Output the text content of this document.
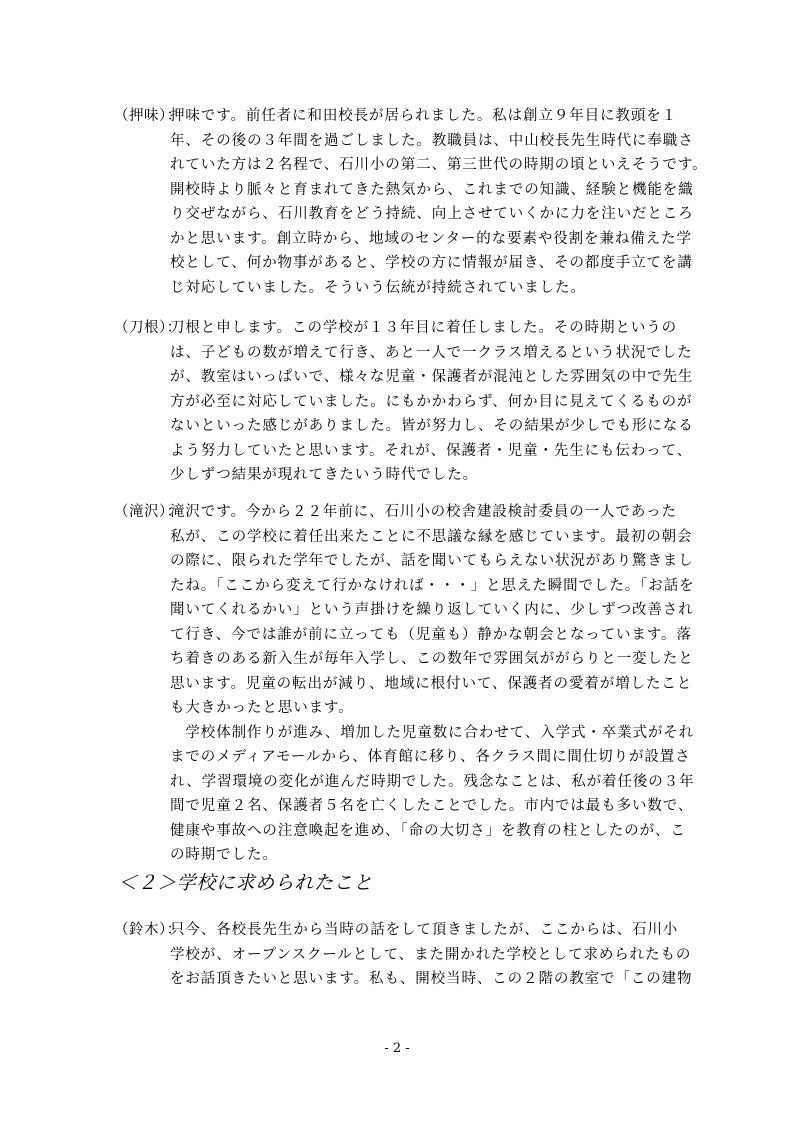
（押味）：
押味です。前任者に和田校長が居られました。私は創立９年目に教頭を１
年、その後の３年間を過ごしました。教職員は、中山校長先生時代に奉職さ
れていた方は２名程で、石川小の第二、第三世代の時期の頃といえそうです。
開校時より脈々と育まれてきた熱気から、これまでの知識、経験と機能を織
り交ぜながら、石川教育をどう持続、向上させていくかに力を注いだところ
かと思います。創立時から、地域のセンター的な要素や役割を兼ね備えた学
校として、何か物事があると、学校の方に情報が届き、その都度手立てを講
じ対応していました。そういう伝統が持続されていました。
（刀根）：
刀根と申します。この学校が１３年目に着任しました。その時期というの
は、子どもの数が増えて行き、あと一人で一クラス増えるという状況でした
が、教室はいっぱいで、様々な児童・保護者が混沌とした雰囲気の中で先生
方が必至に対応していました。にもかかわらず、何か目に見えてくるものが
ないといった感じがありました。皆が努力し、その結果が少しでも形になる
よう努力していたと思います。それが、保護者・児童・先生にも伝わって、
少しずつ結果が現れてきたいう時代でした。
（滝沢）：
滝沢です。今から２２年前に、石川小の校舎建設検討委員の一人であった
私が、この学校に着任出来たことに不思議な縁を感じています。最初の朝会
の際に、限られた学年でしたが、話を聞いてもらえない状況があり驚きまし
たね。「ここから変えて行かなければ・・・」と思えた瞬間でした。「お話を
聞いてくれるかい」という声掛けを繰り返していく内に、少しずつ改善され
て行き、今では誰が前に立っても（児童も）静かな朝会となっています。落
ち着きのある新入生が毎年入学し、この数年で雰囲気ががらりと一変したと
思います。児童の転出が減り、地域に根付いて、保護者の愛着が増したこと
も大きかったと思います。
　学校体制作りが進み、増加した児童数に合わせて、入学式・卒業式がそれ
までのメディアモールから、体育館に移り、各クラス間に間仕切りが設置さ
れ、学習環境の変化が進んだ時期でした。残念なことは、私が着任後の３年
間で児童２名、保護者５名を亡くしたことでした。市内では最も多い数で、
健康や事故への注意喚起を進め、「命の大切さ」を教育の柱としたのが、こ
の時期でした。
＜２＞学校に求められたこと
（鈴木）：
只今、各校長先生から当時の話をして頂きましたが、ここからは、石川小
学校が、オープンスクールとして、また開かれた学校として求められたもの
をお話頂きたいと思います。私も、開校当時、この２階の教室で「この建物
- 2 -
